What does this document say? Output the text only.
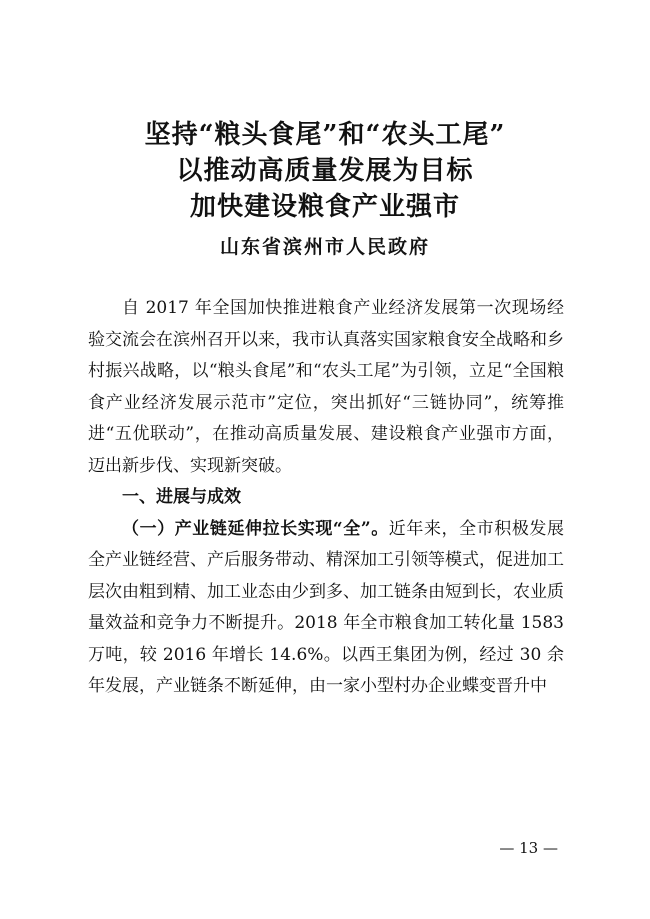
坚持“粮头食尾”和“农头工尾”
以推动高质量发展为目标
加快建设粮食产业强市
山东省滨州市人民政府

自 2017 年全国加快推进粮食产业经济发展第一次现场经验交流会在滨州召开以来，我市认真落实国家粮食安全战略和乡村振兴战略，以“粮头食尾”和“农头工尾”为引领，立足“全国粮食产业经济发展示范市”定位，突出抓好“三链协同”，统筹推进“五优联动”，在推动高质量发展、建设粮食产业强市方面，迈出新步伐、实现新突破。

一、进展与成效

（一）产业链延伸拉长实现“全”。近年来，全市积极发展全产业链经营、产后服务带动、精深加工引领等模式，促进加工层次由粗到精、加工业态由少到多、加工链条由短到长，农业质量效益和竞争力不断提升。2018 年全市粮食加工转化量 1583 万吨，较 2016 年增长 14.6%。以西王集团为例，经过 30 余年发展，产业链条不断延伸，由一家小型村办企业蝶变晋升中

— 13 —
